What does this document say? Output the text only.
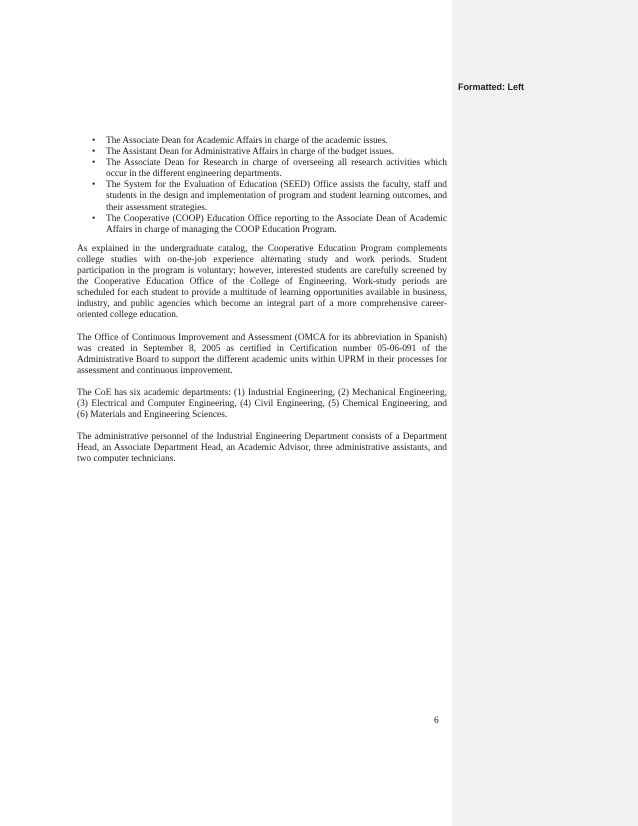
Formatted: Left
• The Associate Dean for Academic Affairs in charge of the academic issues.
• The Assistant Dean for Administrative Affairs in charge of the budget issues.
• The Associate Dean for Research in charge of overseeing all research activities which occur in the different engineering departments.
• The System for the Evaluation of Education (SEED) Office assists the faculty, staff and students in the design and implementation of program and student learning outcomes, and their assessment strategies.
• The Cooperative (COOP) Education Office reporting to the Associate Dean of Academic Affairs in charge of managing the COOP Education Program.

As explained in the undergraduate catalog, the Cooperative Education Program complements college studies with on-the-job experience alternating study and work periods. Student participation in the program is voluntary; however, interested students are carefully screened by the Cooperative Education Office of the College of Engineering. Work-study periods are scheduled for each student to provide a multitude of learning opportunities available in business, industry, and public agencies which become an integral part of a more comprehensive career-oriented college education.

The Office of Continuous Improvement and Assessment (OMCA for its abbreviation in Spanish) was created in September 8, 2005 as certified in Certification number 05-06-091 of the Administrative Board to support the different academic units within UPRM in their processes for assessment and continuous improvement.

The CoE has six academic departments: (1) Industrial Engineering, (2) Mechanical Engineering, (3) Electrical and Computer Engineering, (4) Civil Engineering, (5) Chemical Engineering, and (6) Materials and Engineering Sciences.

The administrative personnel of the Industrial Engineering Department consists of a Department Head, an Associate Department Head, an Academic Advisor, three administrative assistants, and two computer technicians.

6
